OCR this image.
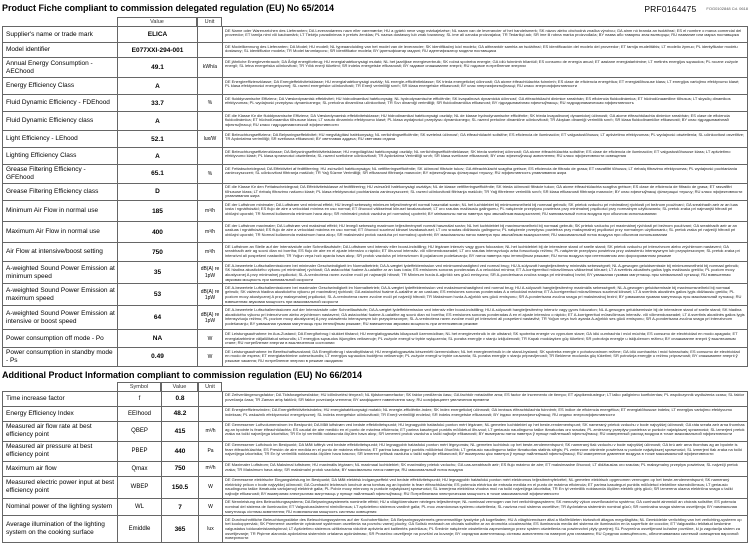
Product Fiche compliant to commission delegated regulation (EU) No 65/2014	PRF0164475	FOG0102848 Cd. 0618
Value	Unit
Supplier's name or trade mark	ELICA
DE Name oder Warenzeichen des Lieferanten; DA Leverandørens navn eller varemærke; HU a gyártó neve vagy márkajelzése; NL naam van de leverancier of het handelsmerk; SK názov alebo obchodná značka výrobcu; GA ainm nó branda an tsoláthraí; ES el nombre o marca comercial del proveedor; ET tarnija nimi või kaubamärk; LT Tiekėjo pavadinimas ir prekės ženklas; PL nazwa dostawcy lub znak towarowy; SL ime ali oznaka proizvajalca; TR Tedarikçi adı; SR ime ili robna marka proizvođača; BY назва або таварны знак вытворцы; RU название или марка поставщика
Model identifier	E077XXI-294-001
DE Modellkennung des Lieferanten; DA Model; HU modell; NL typeaanduiding van het model van de leverancier; SK identifikačný kód modelu; GA aitheantóir samhla an tsoláthraí; ES identificación del modelo del proveedor; ET tarnija mudelitähis; LT modelio žymuo; PL identyfikator modelu dostawcy; SL identifikator modela; TR Model tanımlayıcısı; SR identifikator modela; BY ідэнтыфікатар мадэлі; RU идентификатор модели поставщика
Annual Energy Consumption - AEChood	49.1	kWh/a
DE jährliche Energieverbrauch; DA Årligt energiforbrug; HU energiahatékonysági mutató; NL het jaarlijkse energieverbruik; SK ročná spotreba energie; GA ídiú fuinnimh bliantúil; ES consumo de energía anual; ET aastane energiatarbimine; LT metinės energijos sąnaudos; PL roczne zużycie energii; SL letna energetska učinkovitost; TR Yıllık enerji tüketimi; SR indeks energetske efikasnosti; BY гадавое спажыванне энергіі; RU годовое потребление энергии
Energy Efficiency Class	A
DE Energieeffizienzklasse; DA Energieffektivitetsklasse; HU energiahatékonysági osztály; NL energie-efficiëntieklasse; SK trieda energetickej účinnosti; GA aicme éifeachtúlachta fuinnimh; ES clase de eficiencia energética; ET energiatõhususe klass; LT energijos vartojimo efektyvumo klasė; PL klasa efektywności energetycznej; SL razred energetske učinkovitosti; TR Enerji verimliliği sınıfı; SR klasa energetske efikasnosti; BY клас энергаэфектыўнасці; RU класс энергоэффективности
Fluid Dynamic Efficiency - FDEhood	33.7	%
DE fluiddynamische Effizienz; DA Væskedynamisk effektivitet; HU hidrodinamikai hatékonyság; NL hydrodynamische efficiëntie; SK kvapalinová dynamická účinnosť; GA éifeachtúlacht dinimice sreabhán; ES eficiencia fluidodinámica; ET hüdrodünaamiline tõhusus; LT skysčių dinamikos efektyvumas; PL wydajność przepływu dynamicznego; SL pretočna dinamična učinkovitost; TR Sıvı dinamiği verimliliği; SR fluidodinamička efikasnost; BY гідрадынамічная эфектыўнасць; RU гидродинамическая эффективность
Fluid Dynamic Efficiency class	A
DE die Klasse für die fluiddynamische Effizienz; DA Væskedynamisk effektivitetsklasse; HU hidrodinamikai hatékonysági osztály; NL de klasse hydrodynamische efficiëntie; SK trieda kvapalinovej dynamickej účinnosti; GA aicme éifeachtúlachta dinimice sreabhán; ES clase de eficiencia fluidodinámica; ET hüdrodünaamika tõhususe klass; LT srauto dinaminio efektyvumo klasė; PL klasa wydajności przepływu dynamicznego; SL razred pretočne dinamične učinkovitosti; TR Akışkan dinamiği verimlilik sınıfı; SR klasa fluidodinamičke efikasnosti; BY клас гідрадынамічнай эфектыўнасці; RU класс гидродинамической эффективности
Light Efficiency - LEhood	52.1	lux/W
DE Beleuchtungseffizienz; DA Belysningseffektivitet; HU megvilágítási hatékonyság; NL verlichtingsefficiëntie; SK svetelná účinnosť; GA éifeachtúlacht soilsithe; ES eficiencia de iluminación; ET valgustustõhusus; LT apšvietimo efektyvumas; PL wydajność oświetlenia; SL učinkovitost osvetlitve; TR Aydınlatma verimliliği; SR svetlosna efikasnost; BY светлавая аддача; RU световая отдача
Lighting Efficiency Class	A
DE Beleuchtungseffizienzklasse; DA Belysningseffektivitetsklasse; HU megvilágítási hatékonysági osztály; NL verlichtingsefficiëntieklasse; SK trieda svetelnej účinnosti; GA aicme éifeachtúlachta soilsithe; ES clase de eficiencia de iluminación; ET valgustustõhususe klass; LT apšvietimo efektyvumo klasė; PL klasa sprawności oświetlenia; SL razred svetlobne učinkovitosti; TR Aydınlatma Verimliliği sınıfı; SR klasa svetlosne efikasnosti; BY клас эфектыўнасці асвятлення; RU класс эффективности освещения
Grease Filtering Efficiency - GFEhood	65.1	%
DE Fettabscheidegrad; DA Effektivitet af fedtfiltrering; HU zsírszűrő hatékonysága; NL vetfilteringsefficiëntie; SK účinnosť filtrácie tukov; GA éifeachtúlacht scagtha gréisce; ES eficiencia de filtrado de grasa; ET rasvafiltri tõhusus; LT riebalų filtravimo efektyvumas; PL wydajność pochłaniania zanieczyszczeń; SL učinkovitost filtriranja maščob; TR Yağ Süzme Verimliliği; SR efikasnost filtriranja masnoće; BY эфектыўнасць фільтрацыі тлушчу; RU эффективность улавливания жира
Grease Filtering Efficiency class	D
DE die Klasse für den Fettabscheidegrad; DA Effektivitetsklasse af fedtfiltrering; HU zsírszűrő hatékonysági osztálya; NL de klasse vetfilteringsefficiëntie; SK trieda účinnosti filtrácie tukov; GA aicme éifeachtúlachta scagtha gréisce; ES clase de eficiencia de filtrado de grasa; ET rasvafiltri tõhususe klass; LT riebalų filtravimo našumo klasė; PL klasa efektywności pochłaniania zanieczyszczeń; SL razred učinkovitosti filtriranja maščob; TR Yağ filtreleme verimlilik sınıfı; SR klasa efikasnosti filtriranja masnoće; BY клас эфектыўнасці фільтрацыі тлушчу; RU класс эффективности улавливания жира
Minimum Air Flow in normal use	185	m³/h
DE der Luftstrom minimaler; DA Luftstrøm ved minimal effekt; HU levegő sebesség minimum teljesítménynél normál használat során; NL het luchtdebiet bij minimumsnelheid bij normaal gebruik; SK prietok vzduchu pri minimálnej rýchlosti pri bežnom používaní; GA sreabhadh aeir ar an luas íosta i ngnáthúsáid; ES flujo de aire a velocidad mínima en uso normal; ET õhuvool väikseimal kiirusel tavakasutusel; LT oro srautas mažiausiu galingumu; PL natężenie przepływu powietrza przy minimalnej prędkości przy normalnym użytkowaniu; SL pretok zraka pri najmanjši hitrosti pri običajni uporabi; TR Normal kullanımda minimum hava akışı; SR minimalni protok vazduha pri normalnoj upotrebi; BY мінімальны паток паветра пры звычайным выкарыстанні; RU минимальный поток воздуха при обычном использовании
Maximum Air Flow in normal use	400	m³/h
DE der Luftstrom maximaler; DA Luftstrøm ved maksimal effekt; HU levegő sebesség maximum teljesítménynél normál használat során; NL het luchtdebiet bij maximumsnelheid bij normaal gebruik; SK prietok vzduchu pri maximálnej rýchlosti pri bežnom používaní; GA sreabhadh aeir ar an uasluas i ngnáthúsáid; ES flujo de aire a velocidad máxima en uso normal; ET õhuvool suurimal kiirusel tavakasutusel; LT oro srautas didžiausiu galingumu; PL natężenie przepływu powietrza przy maksymalnej prędkości przy normalnym użytkowaniu; SL pretok zraka pri največji hitrosti pri običajni uporabi; TR Normal kullanımda maksimum hava akışı; SR maksimalni protok vazduha pri normalnoj upotrebi; BY максімальны паток паветра пры звычайным выкарыстанні; RU максимальный поток воздуха при обычном использовании
Air Flow at intensive/boost setting	750	m³/h
DE Luftstrom an Stelle auf der Intensivstufe oder Schnelllaufstufe; DA Luftstrøm ved intensiv eller boost-indstilling; HU légáram intenzív vagy gyors fokozaton; NL het luchtdebiet bij de intensieve stand of snelle stand; SK prietok vzduchu pri intenzívnom alebo zrýchlenom nastavení; GA sreabhadh aeir ag socrú dian nó borrtha; ES flujo de aire en el ajuste intensivo o rápido; ET õhuvool intensiiv- või võimendusseadel; LT oro srautas intensyviuoju arba forsuotuoju režimu; PL natężenie przepływu powietrza przy ustawieniu intensywnym lub przyspieszonym; SL pretok zraka pri intenzivni ali pospešeni nastavitvi; TR Yoğun veya hızlı ayarda hava akışı; SR protok vazduha pri intenzivnom ili pojačanom podešavanju; BY паток паветра пры інтэнсіўным рэжыме; RU поток воздуха при интенсивном или форсированном режиме
A-weighted Sound Power Emission at minimum speed	35	dB(A) re 1pW
DE A-bewertete Luftschallemissionen bei minimaler Geschwindigkeit im Normalbetrieb; DA A-vægtet lydeffektemission ved minimumshastighed ved normal brug; HU A-súlyozott hangteljesítmény minimális sebességnél; NL A-gewogen geluidsemissie bij minimumsnelheid bij normaal gebruik; SK hladina akustického výkonu pri minimálnej rýchlosti; GA astaíochtaí fuaime A-ualaithe ar an luas íosta; ES emisiones sonoras ponderadas A a velocidad mínima; ET A-korrigeeritud müravõimsus väikseimal kiirusel; LT A svertinis akustinės galios lygis mažiausiu greičiu; PL poziom mocy akustycznej A przy minimalnej prędkości; SL A-vrednotena raven zvočne moči pri najmanjši hitrosti; TR Minimum hızda A-ağırlıklı ses gücü emisyonu; SR A-ponderisana zvučna snaga pri minimalnoj brzini; BY узважаная гукавая магутнасць пры мінімальнай хуткасці; RU взвешенная звуковая мощность при минимальной скорости
A-weighted Sound Power Emission at maximum speed	53	dB(A) re 1pW
DE A-bewertete Luftschallemissionen bei maximaler Geschwindigkeit im Normalbetrieb; DA A-vægtet lydeffektemission ved maksimumshastighed ved normal brug; HU A-súlyozott hangteljesítmény maximális sebességnél; NL A-gewogen geluidsemissie bij maximumsnelheid bij normaal gebruik; SK vážená hladina akustického výkonu pri maximálnej rýchlosti; GA astaíochtaí fuaime A-ualaithe ar an uasluas; ES emisiones sonoras ponderadas A a velocidad máxima; ET A-korrigeeritud müravõimsus suurimal kiirusel; LT A svertinis akustinės galios lygis didžiausiu greičiu; PL poziom mocy akustycznej A przy maksymalnej prędkości; SL A-vrednotena raven zvočne moči pri največji hitrosti; TR Maksimum hızda A-ağırlıklı ses gücü emisyonu; SR A-ponderisana zvučna snaga pri maksimalnoj brzini; BY узважаная гукавая магутнасць пры максімальнай хуткасці; RU взвешенная звуковая мощность при максимальной скорости
A-weighted Sound Power Emission at intensive or boost speed	64	dB(A) re 1pW
DE A-bewertete Luftschallemissionen auf der Intensivstufe oder Schnelllaufstufe; DA A-vægtet lydeffektemission ved intensiv eller boost-indstilling; HU A-súlyozott hangteljesítmény intenzív vagy gyors fokozaton; NL A-gewogen geluidsemissie bij de intensieve stand of snelle stand; SK hladina akustického výkonu pri intenzívnom alebo zrýchlenom nastavení; GA astaíochtaí fuaime A-ualaithe ag socrú dian nó borrtha; ES emisiones sonoras ponderadas A en el ajuste intensivo o rápido; ET A-korrigeeritud müravõimsus intensiiv- või võimendusseadel; LT A svertinis akustinės galios lygis intensyviuoju režimu; PL poziom mocy akustycznej A przy ustawieniu intensywnym lub przyspieszonym; SL A-vrednotena raven zvočne moči pri intenzivni ali pospešeni nastavitvi; TR Yoğun veya hızlı ayarda A-ağırlıklı ses gücü emisyonu; SR A-ponderisana zvučna snaga pri intenzivnom podešavanju; BY узважаная гукавая магутнасць пры інтэнсіўным рэжыме; RU взвешенная звуковая мощность при интенсивном режиме
Power consumption off mode - Po	NA	W
DE Leistungsaufnahme im Aus-Zustand; DA Energiforbrug i slukket tilstand; HU energiafogyasztás kikapcsolt üzemmódban; NL het energieverbruik in de uitstand; SK spotreba energie vo vypnutom stave; GA ídiú cumhachta i mód múchta; ES consumo de electricidad en modo apagado; ET energiatarbimine väljalülitatud seisundis; LT energijos sąnaudos išjungties veiksenoje; PL zużycie energii w trybie wyłączenia; SL poraba energije v stanju izključenosti; TR Kapalı moddayken güç tüketimi; SR potrošnja energije u isključenom režimu; BY спажыванне энергіі ў выключаным стане; RU потребление энергии в выключенном состоянии
Power consumption in standby mode - Ps	0.49	W
DE Leistungsaufnahme im Bereitschaftszustand; DA Energiforbrug i standbytilstand; HU energiafogyasztás készenléti üzemmódban; NL het energieverbruik in de stand-bystand; SK spotreba energie v pohotovostnom režime; GA ídiú cumhachta i mód fuireachais; ES consumo de electricidad en modo de espera; ET energiatarbimine ooteseisundis; LT energijos sąnaudos budėjimo veiksenoje; PL zużycie energii w trybie czuwania; SL poraba energije v stanju pripravljenosti; TR Bekleme modunda güç tüketimi; SR potrošnja energije u režimu pripravnosti; BY спажыванне энергіі ў рэжыме чакання; RU потребление энергии в режиме ожидания
Additional Product Information compliant to commission regulation (EU) No 66/2014
Symbol	Value	Unit
Time increase factor	f	0.8
DE Zeitverlängerungsfaktor; DA Tidsforøgelsesfaktor; HU időnövelési tényező; NL tijdstoenamefactor; SK faktor predĺženia času; GA fachtóir méadaithe ama; ES factor de incremento de tiempo; ET ajapikendustegur; LT laiko pailginimo koeficientas; PL współczynnik wydłużenia czasu; SL faktor povečanja časa; TR Zaman artış faktörü; SR faktor povećanja vremena; BY каэфіцыент павелічэння часу; RU коэффициент увеличения времени
Energy Efficiency Index	EEIhood	48.2
DE Energieeffizienzindex; DA Energieffektivitetsindeks; HU energiahatékonysági mutató; NL energie-efficiëntie-index; SK index energetickej účinnosti; GA innéacs éifeachtúlachta fuinnimh; ES índice de eficiencia energética; ET energiatõhususe indeks; LT energijos vartojimo efektyvumo indeksas; PL wskaźnik efektywności energetycznej; SL indeks energetske učinkovitosti; TR Enerji verimliliği endeksi; SR indeks energetske efikasnosti; BY індэкс энергаэфектыўнасці; RU индекс энергоэффективности
Measured air flow rate at best efficiency point	QBEP	415	m³/h
DE Gemessener Luftvolumenstrom im Bestpunkt; DA Målt luftstrøm ved bedste effektivitetspunkt; HU legnagyobb hatásfokú ponton mért légáram; NL gemeten luchtdebiet op het beste-rendementspunt; SK nameraný prietok vzduchu v bode najvyššej účinnosti; GA ráta sreafa aeir arna thomhas ag an bpointe is fearr éifeachtúlachta; ES caudal de aire medido en el punto de máxima eficiencia; ET parima kasuteguri punktis mõõdetud õhuvool; LT geriausio naudingumo taške išmatuotas oro srautas; PL zmierzony przepływ powietrza w punkcie największej sprawności; SL izmerjeni pretok zraka na točki največjega izkoristka; TR En iyi verimlilik noktasında ölçülen hava akışı; SR izmereni protok vazduha u tački najbolje efikasnosti; BY вымераны паток паветра ў пункце найлепшай эфектыўнасці; RU измеренный расход воздуха в точке максимальной эффективности
Measured air pressure at best efficiency point	PBEP	440	Pa
DE Gemessener Luftdruck im Bestpunkt; DA Målt lufttryk ved bedste effektivitetspunkt; HU legnagyobb hatásfokú ponton mért légnyomás; NL gemeten luchtdruk op het beste-rendementspunt; SK nameraný tlak vzduchu v bode najvyššej účinnosti; GA brú aeir arna thomhas ag an bpointe is fearr éifeachtúlachta; ES Presión de aire medida en el punto de máxima eficiencia; ET parima kasuteguri punktis mõõdetud õhurõhk; LT geriausio naudingumo taške išmatuotas statinis slėgis; PL zmierzone ciśnienie powietrza w punkcie największej sprawności; SL izmerjeni tlak zraka na točki največjega izkoristka; TR En iyi verimlilik noktasında ölçülen hava basıncı; SR izmereni pritisak vazduha u tački najbolje efikasnosti; BY вымераны ціск паветра ў пункце найлепшай эфектыўнасці; RU измеренное давление воздуха в точке максимальной эффективности
Maximum air flow	Qmax	750	m³/h
DE Maximaler Luftstrom; DA Maksimal luftstrøm; HU maximális légáram; NL maximaal luchtdebiet; SK maximálny prietok vzduchu; GA uas-sreabhadh aeir; ES flujo máximo de aire; ET maksimaalne õhuvool; LT didžiausias oro srautas; PL maksymalny przepływ powietrza; SL največji pretok zraka; TR Maksimum hava akışı; SR maksimalni protok vazduha; BY максімальны паток паветра; RU максимальный поток воздуха
Measured electric power input at best efficiency point	WBEP	150.5	W
DE Gemessene elektrische Eingangsleistung im Bestpunkt; DA Målt elektrisk indgangseffekt ved bedste effektivitetspunkt; HU legnagyobb hatásfokú ponton mért elektromos teljesítményfelvétel; NL gemeten elektrisch opgenomen vermogen op het beste-rendementspunt; SK nameraný elektrický príkon v bode najvyššej účinnosti; GA Cumhacht leictreach ionchuir arna tomhas ag an bpointe is fearr éifeachtúlachta; ES potencia eléctrica de entrada medida en el punto de máxima eficiencia; ET parima kasuteguri punktis mõõdetud elektriline sisendvõimsus; LT geriausio naudingumo taške išmatuota vartojamoji elektrinė galia; PL Pobór mocy mierzony w punkcie największej sprawności; SL izmerjena električna vhodna moč na točki največjega izkoristka; TR En iyi verimlilik noktasında ölçülen elektrik giriş gücü; SR izmerena ulazna električna snaga u tački najbolje efikasnosti; BY вымераная электрычная магутнасць у пункце найлепшай эфектыўнасці; RU Потребляемая электрическая мощность в точке максимальной эффективности
Nominal power of the lighting system	WL	7	W
DE Nennleistung des Beleuchtungssystems; DA Belysningssystemets nominelle effekt; HU a világítórendszer névleges teljesítménye; NL nominaal vermogen van het verlichtingssysteem; SK menovitý výkon osvetľovacieho systému; GA cumhacht ainmniúil an chórais soilsithe; ES potencia nominal del sistema de iluminación; ET Valgustussüsteemi nimivõimsus; LT apšvietimo sistemos vardinė galia; PL moc znamionowa systemu oświetlenia; SL nazivna moč sistema osvetlitve; TR Aydınlatma sisteminin nominal gücü; SR nominalna snaga sistema osvetljenja; BY намінальная магутнасць сістэмы асвятлення; RU номинальная мощность системы освещения
Average illumination of the lighting system on the cooking surface	Emiddle	365	lux
DE Durchschnittliche Beleuchtungsstärke des Beleuchtungssystems auf der Kochoberfläche; DA Belysningssystemets gennemsnitlige lysstyrke på kogefladen; HU A világítórendszer által a főzőfelületen biztosított átlagos megvilágítás; NL Gemiddelde verlichting van het verlichting-systeem op het kookoppervlak; SK Priemerné osvetlenie vytvárané systémom osvetlenia na povrchu varnej plochy; GA Soilsiú meánach an chórais soilsithe ar an dromchla cócaireachta; ES iluminancia media del sistema de iluminación en la superficie de cocción; ET Valgusstiku tekitatud keskmine valgustatus toiduvalmistamispinnal; LT Apšvietimo sistemos užtikrinama vidutinė apšvieta ant kaitlentės paviršiaus; PL Średnie natężenie oświetlenia zapewnianego przez system oświetlenia na powierzchni płyty grzejnej; SL Povprečna osvetljenost kuhalne površine, ki jo zagotavlja sistem za osvetljevanje; TR Pişirme alanında aydınlatma sisteminin ortalama aydınlatması; SR Prosečno osvetljenje na površini za kuvanje; BY сярэдняя асветленасць сістэмы асвятлення на паверхні для гатавання; RU Средняя освещённость, обеспечиваемая системой освещения варочной поверхности
